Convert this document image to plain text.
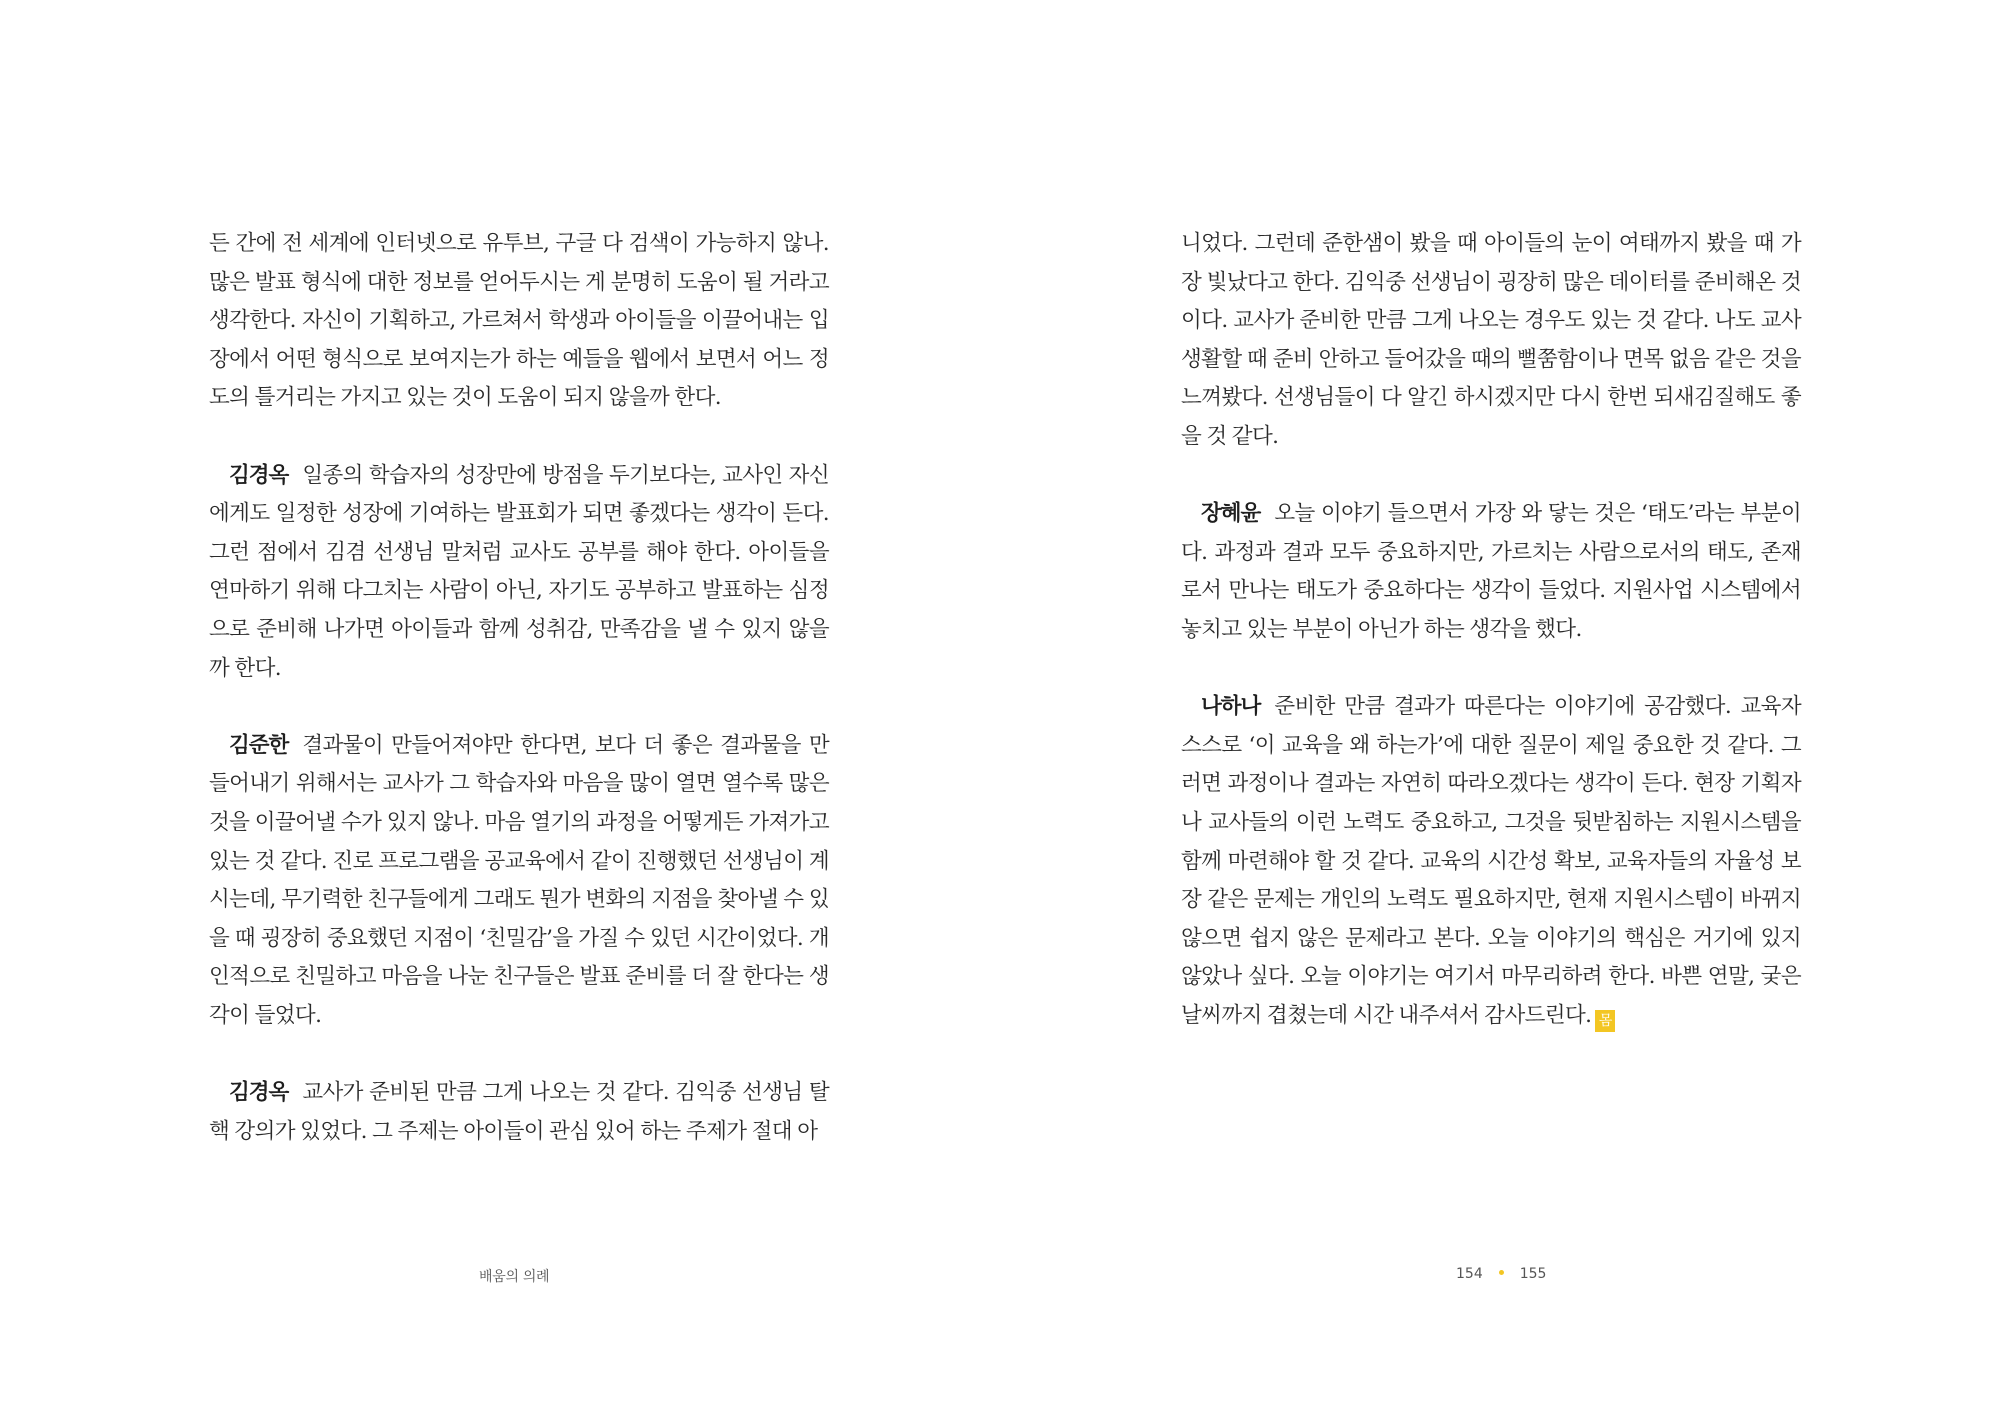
든 간에 전 세계에 인터넷으로 유투브, 구글 다 검색이 가능하지 않나. 많은 발표 형식에 대한 정보를 얻어두시는 게 분명히 도움이 될 거라고 생각한다. 자신이 기획하고, 가르쳐서 학생과 아이들을 이끌어내는 입장에서 어떤 형식으로 보여지는가 하는 예들을 웹에서 보면서 어느 정도의 틀거리는 가지고 있는 것이 도움이 되지 않을까 한다.

김경옥 일종의 학습자의 성장만에 방점을 두기보다는, 교사인 자신에게도 일정한 성장에 기여하는 발표회가 되면 좋겠다는 생각이 든다. 그런 점에서 김겸 선생님 말처럼 교사도 공부를 해야 한다. 아이들을 연마하기 위해 다그치는 사람이 아닌, 자기도 공부하고 발표하는 심정으로 준비해 나가면 아이들과 함께 성취감, 만족감을 낼 수 있지 않을까 한다.

김준한 결과물이 만들어져야만 한다면, 보다 더 좋은 결과물을 만들어내기 위해서는 교사가 그 학습자와 마음을 많이 열면 열수록 많은 것을 이끌어낼 수가 있지 않나. 마음 열기의 과정을 어떻게든 가져가고 있는 것 같다. 진로 프로그램을 공교육에서 같이 진행했던 선생님이 계시는데, 무기력한 친구들에게 그래도 뭔가 변화의 지점을 찾아낼 수 있을 때 굉장히 중요했던 지점이 ‘친밀감’을 가질 수 있던 시간이었다. 개인적으로 친밀하고 마음을 나눈 친구들은 발표 준비를 더 잘 한다는 생각이 들었다.

김경옥 교사가 준비된 만큼 그게 나오는 것 같다. 김익중 선생님 탈핵 강의가 있었다. 그 주제는 아이들이 관심 있어 하는 주제가 절대 아

배움의 의례

니었다. 그런데 준한샘이 봤을 때 아이들의 눈이 여태까지 봤을 때 가장 빛났다고 한다. 김익중 선생님이 굉장히 많은 데이터를 준비해온 것이다. 교사가 준비한 만큼 그게 나오는 경우도 있는 것 같다. 나도 교사 생활할 때 준비 안하고 들어갔을 때의 뻘쭘함이나 면목 없음 같은 것을 느껴봤다. 선생님들이 다 알긴 하시겠지만 다시 한번 되새김질해도 좋을 것 같다.

장혜윤 오늘 이야기 들으면서 가장 와 닿는 것은 ‘태도’라는 부분이다. 과정과 결과 모두 중요하지만, 가르치는 사람으로서의 태도, 존재로서 만나는 태도가 중요하다는 생각이 들었다. 지원사업 시스템에서 놓치고 있는 부분이 아닌가 하는 생각을 했다.

나하나 준비한 만큼 결과가 따른다는 이야기에 공감했다. 교육자 스스로 ‘이 교육을 왜 하는가’에 대한 질문이 제일 중요한 것 같다. 그러면 과정이나 결과는 자연히 따라오겠다는 생각이 든다. 현장 기획자나 교사들의 이런 노력도 중요하고, 그것을 뒷받침하는 지원시스템을 함께 마련해야 할 것 같다. 교육의 시간성 확보, 교육자들의 자율성 보장 같은 문제는 개인의 노력도 필요하지만, 현재 지원시스템이 바뀌지 않으면 쉽지 않은 문제라고 본다. 오늘 이야기의 핵심은 거기에 있지 않았나 싶다. 오늘 이야기는 여기서 마무리하려 한다. 바쁜 연말, 궂은 날씨까지 겹쳤는데 시간 내주셔서 감사드린다. 몸

154	155
